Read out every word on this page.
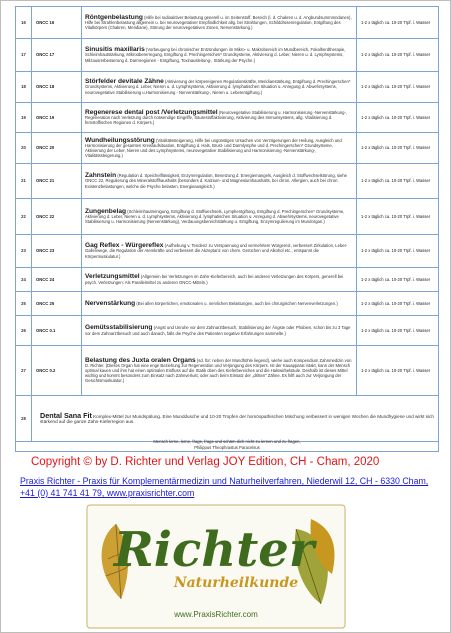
16	ONCC 16	Röntgenbelastung (Hilfe bei radioaktiver Belastung generell u. im Seitenstoff. Bereich (l. d. Chakren u. d. Angbundsummmndanen), Hilfe bei Strahlenbelastung allgemein u. bei neurovegetativer Empfindlichkeit allg. bei Strahlungen, Schilddrüsenregulation, Entgiftung des Vitalkörpers (Chakren, Meridiane), Störung der neurovegetativen Zonen, Nervenstärkung.)	1-2 x täglich ca. 10-20 Trpf. i. Wasser
17	ONCC 17	Sinusitis maxillaris (Vorbeugung bei chronischer Entzündungen im Mikro- u. Makrobereich im Mundbereich, Fokalherdtherapie, Schleimhautstärkung, Mikroübererregung, Entgiftung d. Prechingerschen* Grundsysteme, Aktivierung d. Leber, Nieren u. d. Lymphsystems, Milzausrerbesserung d. Darmregionen - Entgiftung, Toxinausleitung-, Stärkung der Psyche.)	1-2 x täglich ca. 10-20 Trpf. i. Wasser
18	ONCC 18	Störfelder devitale Zähne (Aktivierung der körpereigenen Regulationskräfte, Meridianstärkung, Entgiftung d. Prechingerschen* Grundsystems, Aktivierung d. Leber, Nieren u. d. Lymphsystems, Aktivierung d. lymphatischen Situation u. Anregung d. Abwehrsystems, neurovegetative Stabilisierung u.Harmonisierung - Nervenstärkung-, Nieren u. Leberentgiftung.)	1-2 x täglich ca. 10-20 Trpf. i. Wasser
19	ONCC 19	Regenerese dental post /Verletzungsmittel (Neurovegetative Stabilisierung u. Harmonisierung -Nervenstärkung-, Regeneration nach Verletzung durch notwendige Eingriffe, Säurestoffaktivierung, Aktivierung des Immunsystems, allg. Vitalisierung d. fernstoffischen Regionen d. Körpers.)	1-2 x täglich ca. 10-20 Trpf. i. Wasser
20	ONCC 20	Wundheilungsstörung (Vitalitätssteigerung, Hilfe bei ungünstigen Ursachen von Verzögerungen der Heilung, Ausgleich und Harmonisierung der gesamten Kreislaufsituation, Entgiftung d. Hals, Brust- und Darmlymphe und d. Prechingerschen* Grundsysteme, Aktivierung der Leber, Nieren und des Lymphsystems, neurovegetative Stabilisierung und Harmonisierung -Nervenstärkung-, Vitalitätssteigerung.)	1-2 x täglich ca. 10-20 Trpf. i. Wasser
21	ONCC 21	Zahnstein (Regulation d. Speichelflüssigkeit, Enzymregulation, Benetzung d. Energiemangels, Ausgleich d. Stoffwechselstörung, siehe ONCC 22, Regulierung des Mineralstoffhaushalts (besonders d. Kalzium- und Magnesiumhaushalts, bei chron. Allergien, auch bei chron. Existenzbelastungen, welche die Psyche belasten, Energieausgleich.)	1-2 x täglich ca. 10-20 Trpf. i. Wasser
22	ONCC 22	Zungenbelag (Schleimhautreinigung, Entgiftung d. Stoffwechsels, Lymphentgiftung, Entgiftung d. Prechingerschen* Grundsysteme, Aktivierung d. Leber, Nieren u. d. Lymphsystems, Aktivierung d. lymphatischen Situation u. Anregung d. Abwehrsystems, neurovegetative Stabilisierung u. Harmonisierung (Nervenstärkung), Verdauungsbereichstärkung u. Entgiftung, Enzymregulierung im Mundorgan.)	1-2 x täglich ca. 10-20 Trpf. i. Wasser
23	ONCC 23	Gag Reflex - Würgereflex (Aufhebung v. Tendenz zu Verspannung und vermehrtem Würgereiz, verbessert Zirkulation, Leber-Gallenwege, die Regulation der Atemkräfte und verbessert die Akzeptanz von chem. Gerüchen und Alkohol etc., entspannt die Körpermuskulatur.)	1-2 x täglich ca. 10-20 Trpf. i. Wasser
24	ONCC 24	Verletzungsmittel (Allgemein bei Verletzungen im Zahn-Kieferbereich, auch bei anderen Verletzungen des Körpers, generell bei psych. Verletzungen: Als Parallelmittel zu anderen ONCC-Mitteln.)	1-2 x täglich ca. 10-20 Trpf. i. Wasser
25	ONCC 25	Nervenstärkung (Bei allen körperlichen, emotionalen u. nervlichen Belastungen, auch bei chirurgischen Nervenverletzungen.)	1-2 x täglich ca. 10-20 Trpf. i. Wasser
26	ONCC 0.1	Gemütsstabilisierung (Angst und Unruhe vor dem Zahnarztbesuch, Stabilisierung der Ängste oder Phobien, schon bis zu 3 Tage vor dem Zahnarztbesuch und auch danach, falls die Psyche des Patienten negative Erfahrungen sammelte.)	1-2 x täglich ca. 10-20 Trpf. i. Wasser
27	ONCC 0.2	Belastung des Juxta oralen Organs (sd. für: neben der Mundhöhle liegend), wiehe auch Kompendium Zahnmedizin von D. Richter. (Dieses Organ hat eine enge Beziehung zur Regeneration und Verjüngung des Körpers. Ist der Kauapparat intakt, kann der Mensch optimal kauen und ihm hat einen optimalen Einfluss auf die Statik oben des Kieferbereiches und die Halswirbelsäule. Deshalb ist dieses Mittel wichtig und kommt besonders zum Einsatz nach Zahnverlust, oder auch beim Einsatz der „dritten" Zähne. Es hilft auch zur Verjüngung der Gesichtsmuskulatur.)	1-2 x täglich ca. 10-20 Trpf. i. Wasser
28	Dental Sana Fit Komplex-Mittel zur Mundspülung. Eine Munddusche und 10-20 Tropfen der homöopathischen Mischung verbessert in wenigen Wochen die Mundhygiene und wirkt sich stärkend auf die ganze Zahn-Kieferregion aus.		
Mensch lerne, lerne, frage, frage und schäm dich nicht zu lernen und zu fragen,
Philippus Theophrastus Paracelsus
Copyright © by D. Richter und Verlag JOY Edition, CH - Cham, 2020
Praxis Richter - Praxis für Komplementärmedizin und Naturheilverfahren, Niederwil 12, CH - 6330 Cham,
+41 (0) 41 741 41 79, www.praxisrichter.com
Richter
Naturheilkunde
www.PraxisRichter.com
